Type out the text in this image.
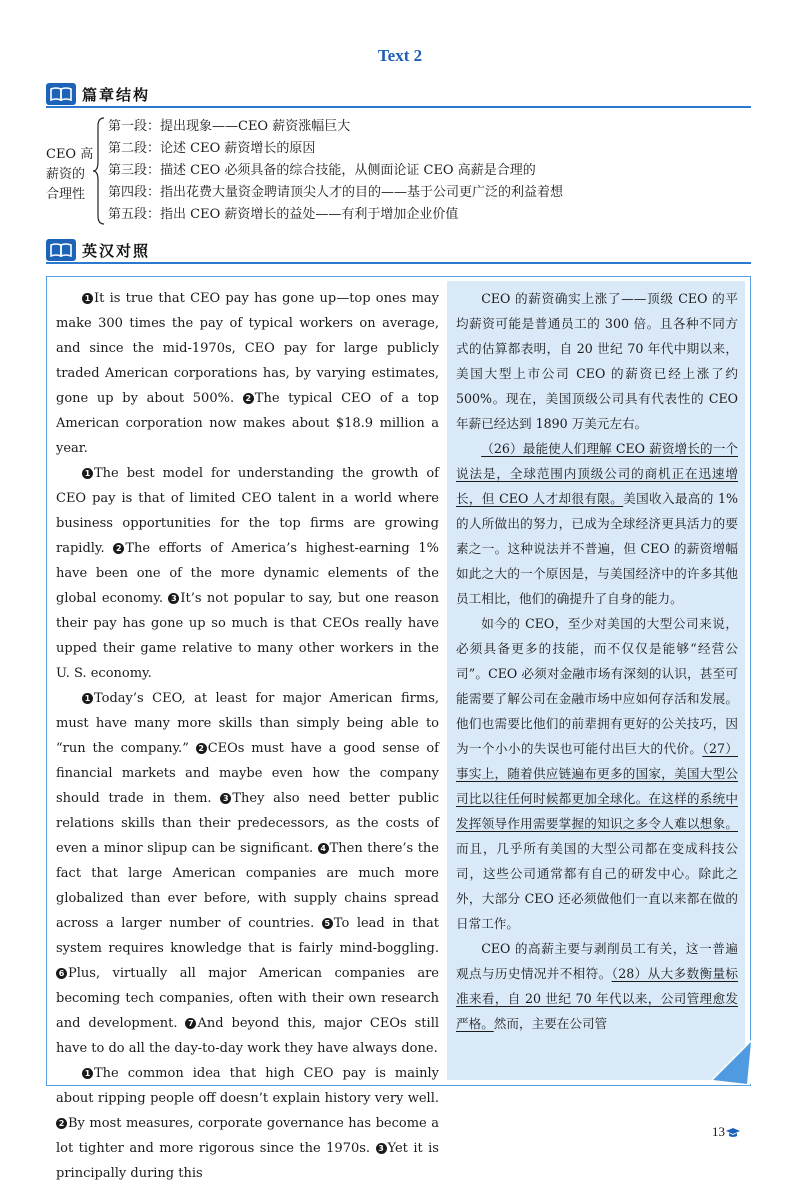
Text 2
篇章结构
CEO 高
薪资的
合理性
第一段：提出现象——CEO 薪资涨幅巨大
第二段：论述 CEO 薪资增长的原因
第三段：描述 CEO 必须具备的综合技能，从侧面论证 CEO 高薪是合理的
第四段：指出花费大量资金聘请顶尖人才的目的——基于公司更广泛的利益着想
第五段：指出 CEO 薪资增长的益处——有利于增加企业价值
英汉对照

1 It is true that CEO pay has gone up—top ones may make 300 times the pay of typical workers on average, and since the mid-1970s, CEO pay for large publicly traded American corporations has, by varying estimates, gone up by about 500%. 2 The typical CEO of a top American corporation now makes about $18.9 million a year.

1 The best model for understanding the growth of CEO pay is that of limited CEO talent in a world where business opportunities for the top firms are growing rapidly. 2 The efforts of America’s highest-earning 1% have been one of the more dynamic elements of the global economy. 3 It’s not popular to say, but one reason their pay has gone up so much is that CEOs really have upped their game relative to many other workers in the U. S. economy.

1 Today’s CEO, at least for major American firms, must have many more skills than simply being able to “run the company.” 2 CEOs must have a good sense of financial markets and maybe even how the company should trade in them. 3 They also need better public relations skills than their predecessors, as the costs of even a minor slipup can be significant. 4 Then there’s the fact that large American companies are much more globalized than ever before, with supply chains spread across a larger number of countries. 5 To lead in that system requires knowledge that is fairly mind-boggling. 6 Plus, virtually all major American companies are becoming tech companies, often with their own research and development. 7 And beyond this, major CEOs still have to do all the day-to-day work they have always done.

1 The common idea that high CEO pay is mainly about ripping people off doesn’t explain history very well. 2 By most measures, corporate governance has become a lot tighter and more rigorous since the 1970s. 3 Yet it is principally during this

CEO 的薪资确实上涨了——顶级 CEO 的平均薪资可能是普通员工的 300 倍。且各种不同方式的估算都表明，自 20 世纪 70 年代中期以来，美国大型上市公司 CEO 的薪资已经上涨了约 500%。现在，美国顶级公司具有代表性的 CEO 年薪已经达到 1890 万美元左右。

（26）最能使人们理解 CEO 薪资增长的一个说法是，全球范围内顶级公司的商机正在迅速增长，但 CEO 人才却很有限。美国收入最高的 1% 的人所做出的努力，已成为全球经济更具活力的要素之一。这种说法并不普遍，但 CEO 的薪资增幅如此之大的一个原因是，与美国经济中的许多其他员工相比，他们的确提升了自身的能力。

如今的 CEO，至少对美国的大型公司来说，必须具备更多的技能，而不仅仅是能够“经营公司”。CEO 必须对金融市场有深刻的认识，甚至可能需要了解公司在金融市场中应如何存活和发展。他们也需要比他们的前辈拥有更好的公关技巧，因为一个小小的失误也可能付出巨大的代价。（27）事实上，随着供应链遍布更多的国家，美国大型公司比以往任何时候都更加全球化。在这样的系统中发挥领导作用需要掌握的知识之多令人难以想象。而且，几乎所有美国的大型公司都在变成科技公司，这些公司通常都有自己的研发中心。除此之外，大部分 CEO 还必须做他们一直以来都在做的日常工作。

CEO 的高薪主要与剥削员工有关，这一普遍观点与历史情况并不相符。（28）从大多数衡量标准来看，自 20 世纪 70 年代以来，公司管理愈发严格。然而，主要在公司管

13
